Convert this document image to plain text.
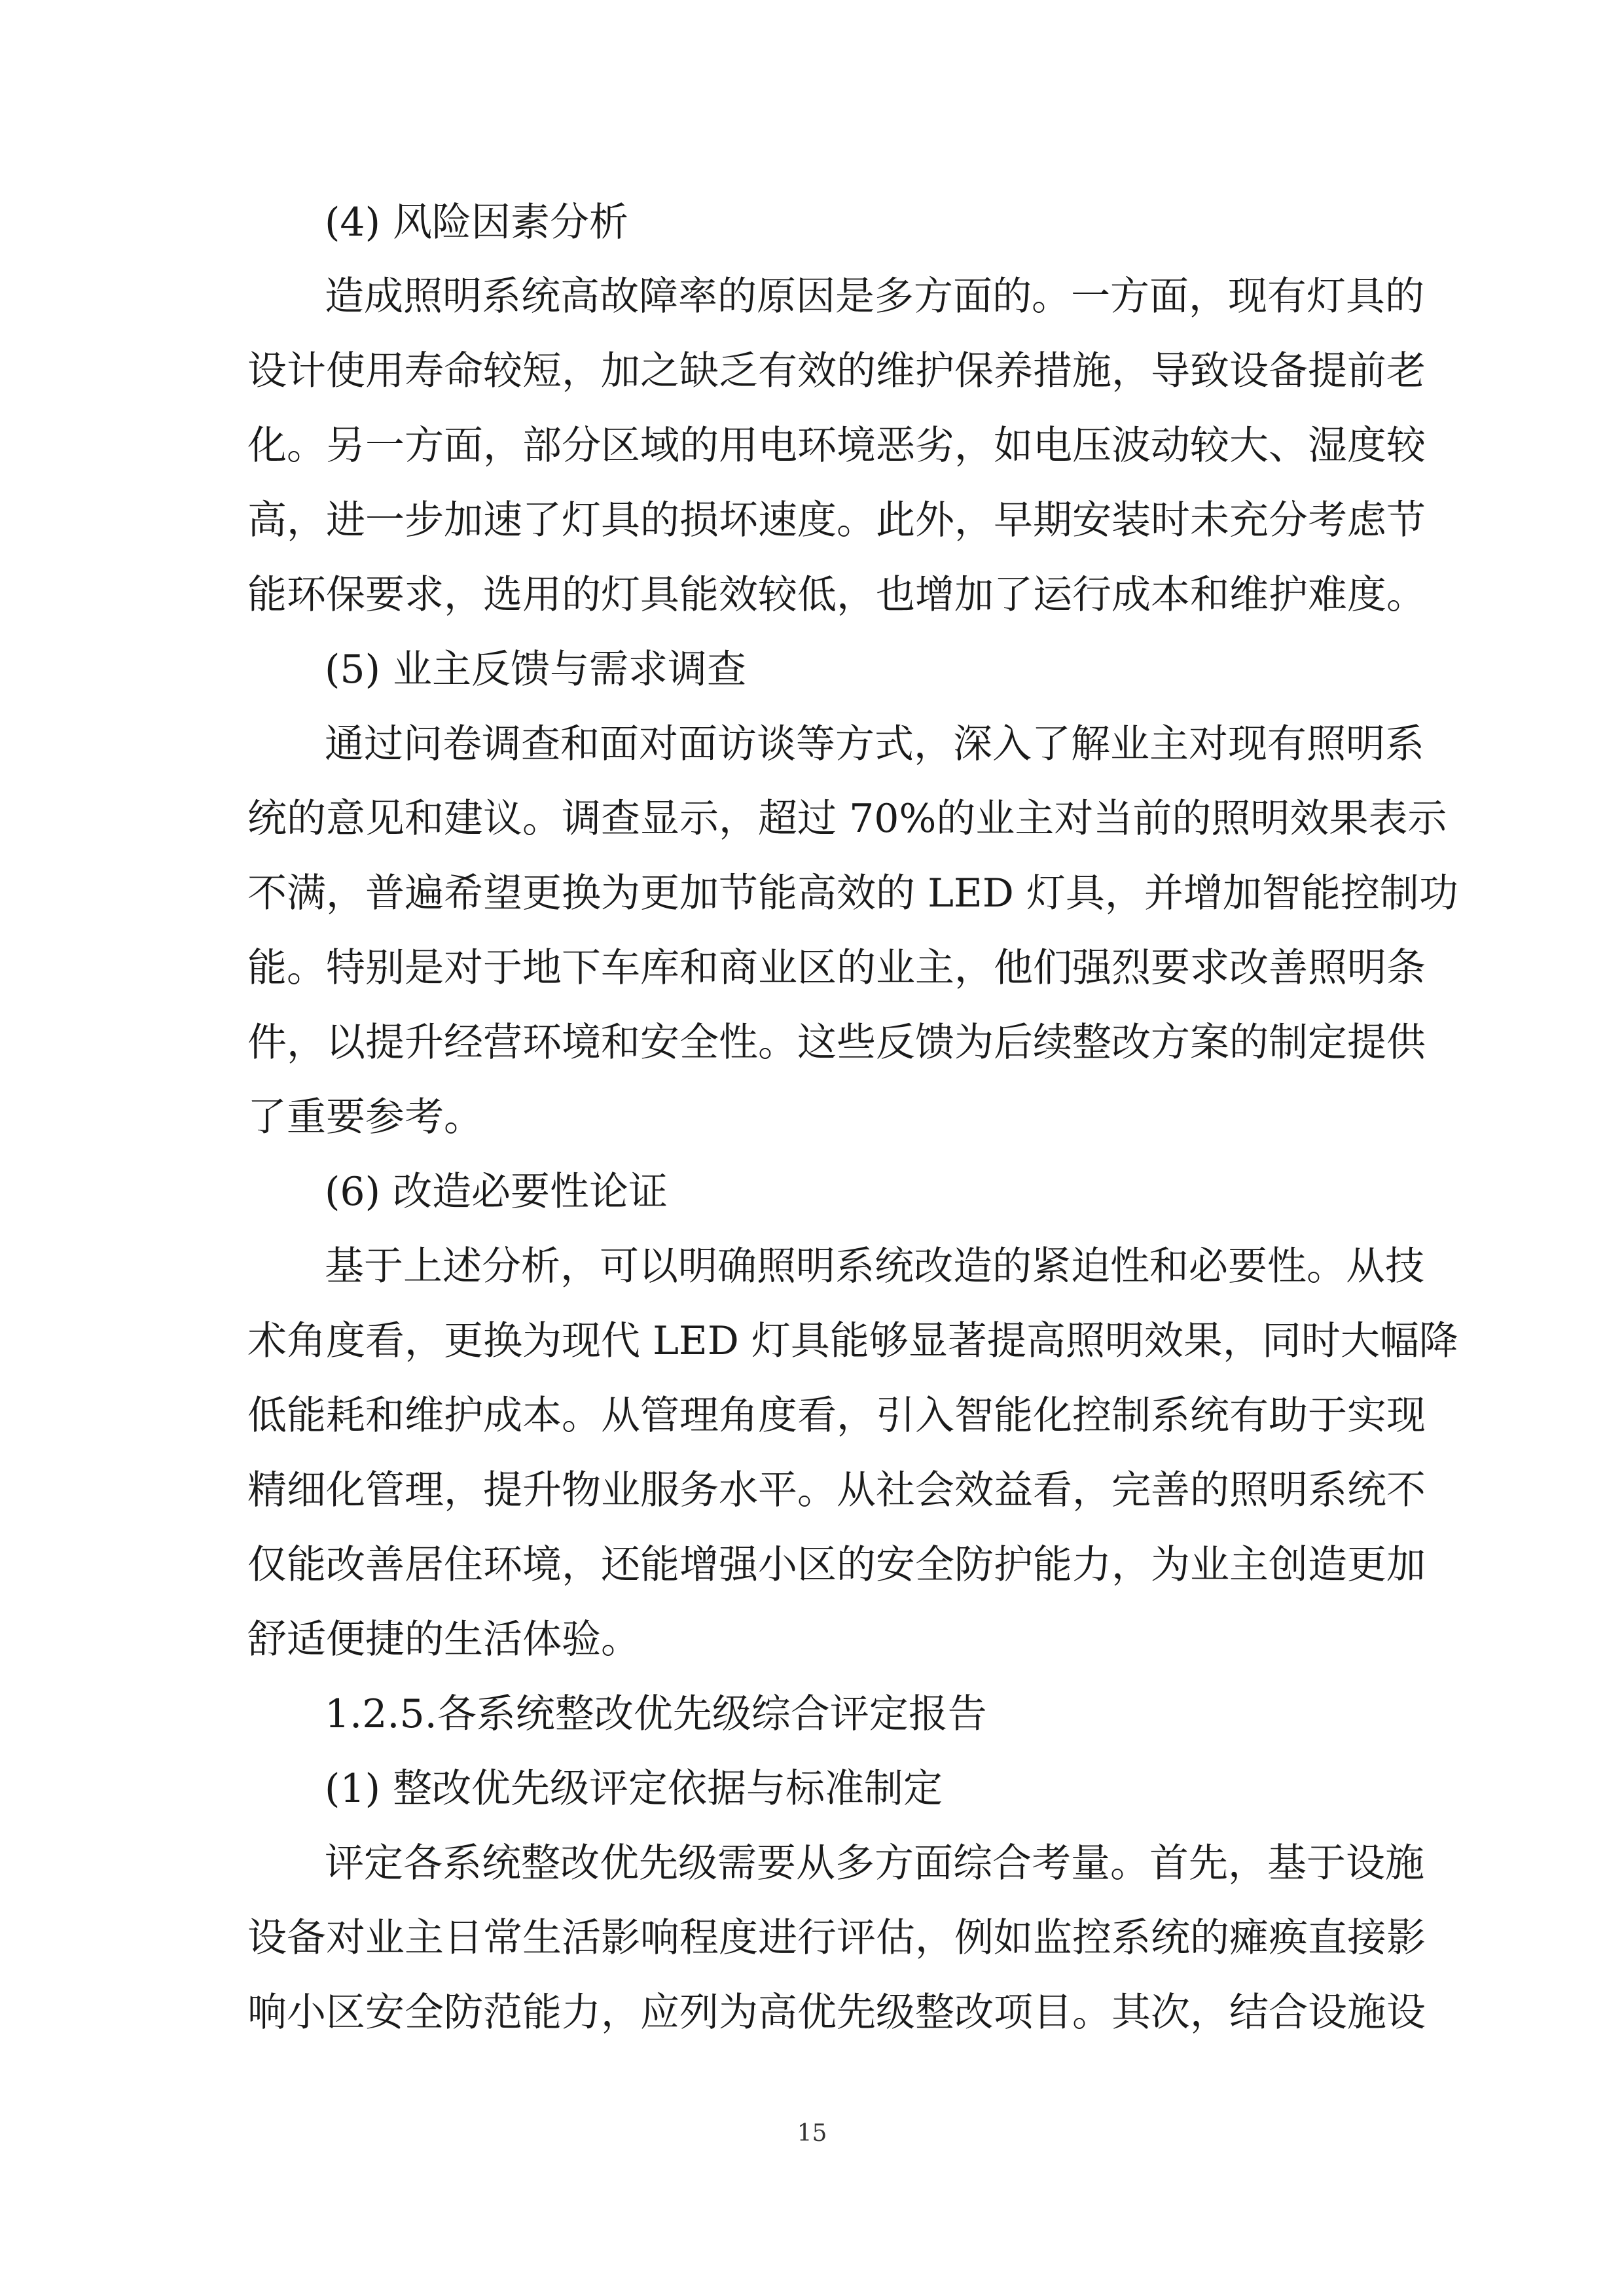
(4) 风险因素分析
造成照明系统高故障率的原因是多方面的。一方面，现有灯具的
设计使用寿命较短，加之缺乏有效的维护保养措施，导致设备提前老
化。另一方面，部分区域的用电环境恶劣，如电压波动较大、湿度较
高，进一步加速了灯具的损坏速度。此外，早期安装时未充分考虑节
能环保要求，选用的灯具能效较低，也增加了运行成本和维护难度。
(5) 业主反馈与需求调查
通过问卷调查和面对面访谈等方式，深入了解业主对现有照明系
统的意见和建议。调查显示，超过 70%的业主对当前的照明效果表示
不满，普遍希望更换为更加节能高效的 LED 灯具，并增加智能控制功
能。特别是对于地下车库和商业区的业主，他们强烈要求改善照明条
件，以提升经营环境和安全性。这些反馈为后续整改方案的制定提供
了重要参考。
(6) 改造必要性论证
基于上述分析，可以明确照明系统改造的紧迫性和必要性。从技
术角度看，更换为现代 LED 灯具能够显著提高照明效果，同时大幅降
低能耗和维护成本。从管理角度看，引入智能化控制系统有助于实现
精细化管理，提升物业服务水平。从社会效益看，完善的照明系统不
仅能改善居住环境，还能增强小区的安全防护能力，为业主创造更加
舒适便捷的生活体验。
1.2.5.各系统整改优先级综合评定报告
(1) 整改优先级评定依据与标准制定
评定各系统整改优先级需要从多方面综合考量。首先，基于设施
设备对业主日常生活影响程度进行评估，例如监控系统的瘫痪直接影
响小区安全防范能力，应列为高优先级整改项目。其次，结合设施设
15
